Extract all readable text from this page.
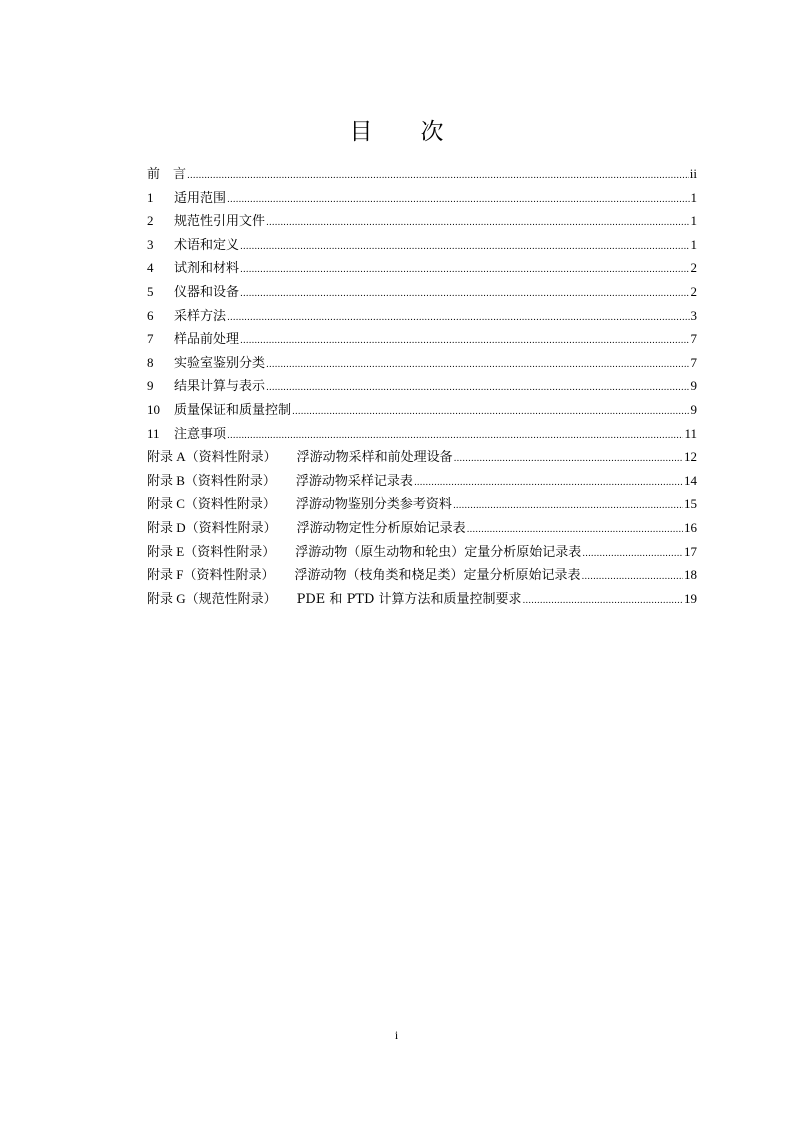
目 次
前 言 .....	ii
1 适用范围 .....	1
2 规范性引用文件 .....	1
3 术语和定义 .....	1
4 试剂和材料 .....	2
5 仪器和设备 .....	2
6 采样方法 .....	3
7 样品前处理 .....	7
8 实验室鉴别分类 .....	7
9 结果计算与表示 .....	9
10 质量保证和质量控制 .....	9
11 注意事项 .....	11
附录 A（资料性附录） 浮游动物采样和前处理设备 .....	12
附录 B（资料性附录） 浮游动物采样记录表 .....	14
附录 C（资料性附录） 浮游动物鉴别分类参考资料 .....	15
附录 D（资料性附录） 浮游动物定性分析原始记录表 .....	16
附录 E（资料性附录） 浮游动物（原生动物和轮虫）定量分析原始记录表 .....	17
附录 F（资料性附录） 浮游动物（枝角类和桡足类）定量分析原始记录表 .....	18
附录 G（规范性附录） PDE 和 PTD 计算方法和质量控制要求 .....	19
i
